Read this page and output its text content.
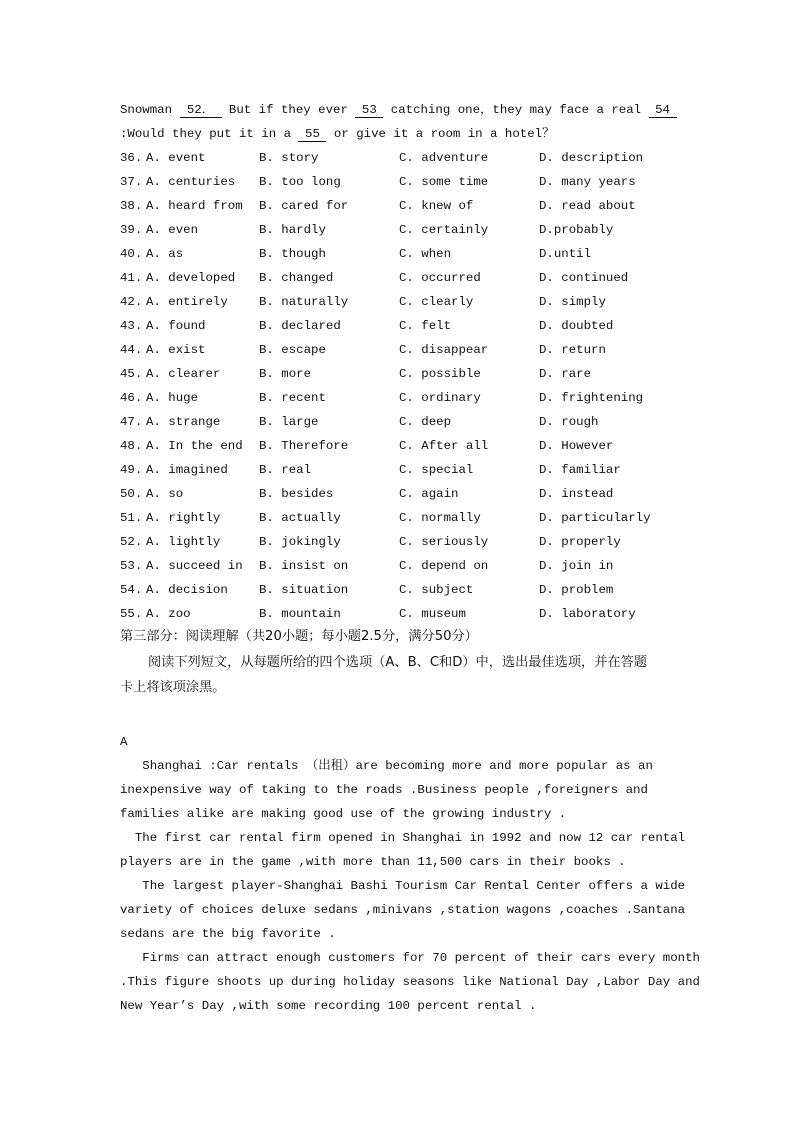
Snowman 52． But if they ever 53 catching one，they may face a real 54
:Would they put it in a 55 or give it a room in a hotel？
36. A. event	B. story	C. adventure	D. description
37. A. centuries B. too long	C. some time	D. many years
38. A. heard from B. cared for	C. knew of	D. read about
39. A. even	B. hardly	C. certainly	D.probably
40. A. as	B. though	C. when	D.until
41. A. developed B. changed	C. occurred	D. continued
42. A. entirely	B. naturally	C. clearly	D. simply
43. A. found	B. declared	C. felt	D. doubted
44. A. exist	B. escape	C. disappear	D. return
45. A. clearer	B. more	C. possible	D. rare
46. A. huge	B. recent	C. ordinary	D. frightening
47. A. strange	B. large	C. deep	D. rough
48. A. In the end B. Therefore	C. After all	D. However
49. A. imagined	B. real	C. special	D. familiar
50. A. so	B. besides	C. again	D. instead
51. A. rightly	B. actually	C. normally	D. particularly
52. A. lightly	B. jokingly	C. seriously	D. properly
53. A. succeed in B. insist on	C. depend on	D. join in
54. A. decision	B. situation	C. subject	D. problem
55. A. zoo	B. mountain	C. museum	D. laboratory
第三部分：阅读理解（共20小题；每小题2.5分，满分50分）
阅读下列短文，从每题所给的四个选项（A、B、C和D）中，选出最佳选项，并在答题
卡上将该项涂黑。
A
Shanghai :Car rentals （出租）are becoming more and more popular as an
inexpensive way of taking to the roads .Business people ,foreigners and
families alike are making good use of the growing industry .
The first car rental firm opened in Shanghai in 1992 and now 12 car rental
players are in the game ,with more than 11,500 cars in their books .
The largest player-Shanghai Bashi Tourism Car Rental Center offers a wide
variety of choices deluxe sedans ,minivans ,station wagons ,coaches .Santana
sedans are the big favorite .
Firms can attract enough customers for 70 percent of their cars every month
.This figure shoots up during holiday seasons like National Day ,Labor Day and
New Year’s Day ,with some recording 100 percent rental .
